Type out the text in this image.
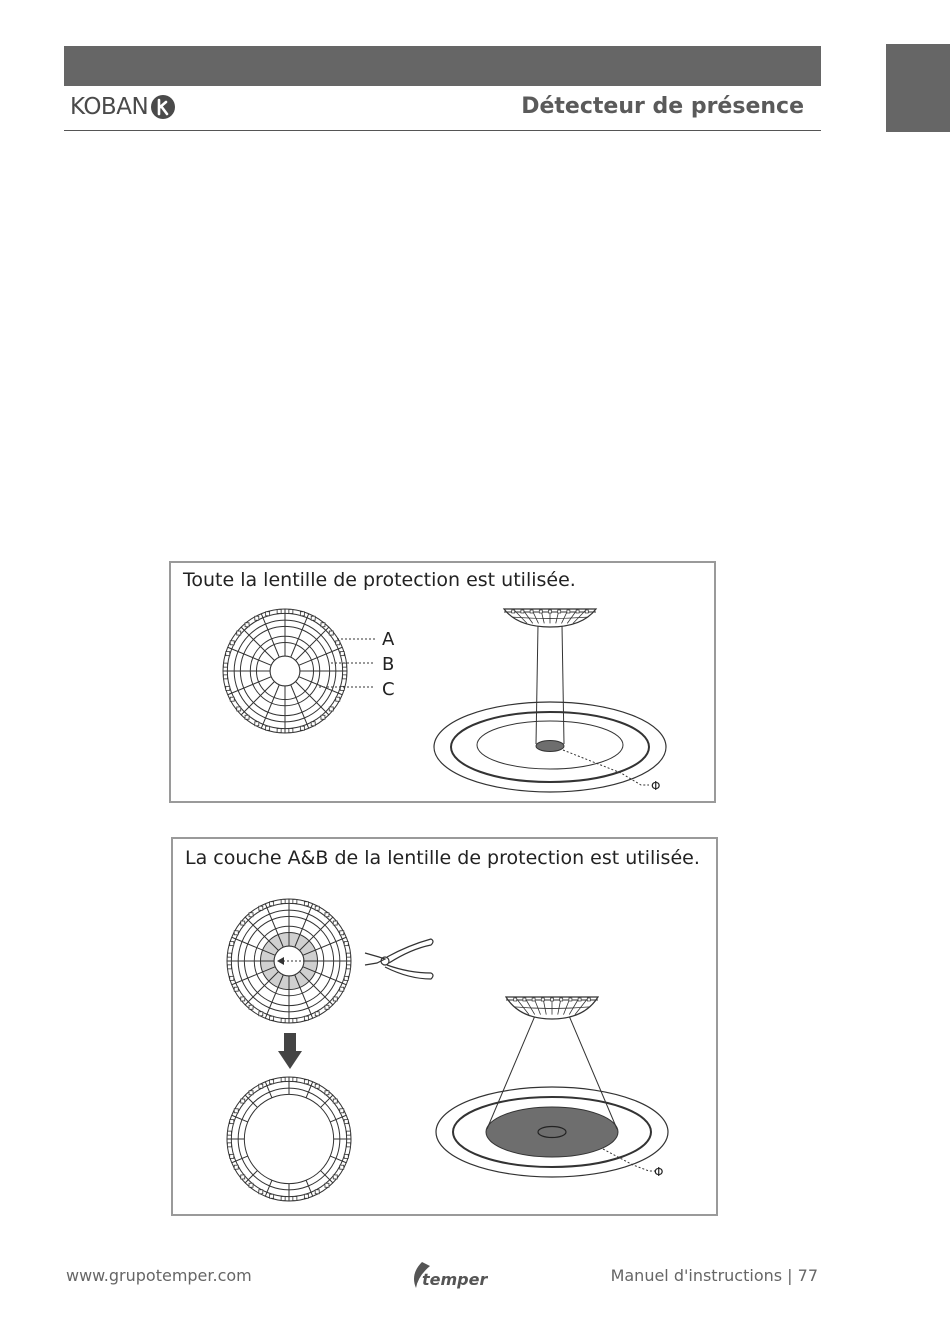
KOBAN	Détecteur de présence
Toute la lentille de protection est utilisée.
A
B
C
Φ
La couche A&B de la lentille de protection est utilisée.
Φ
www.grupotemper.com	temper	Manuel d'instructions | 77
